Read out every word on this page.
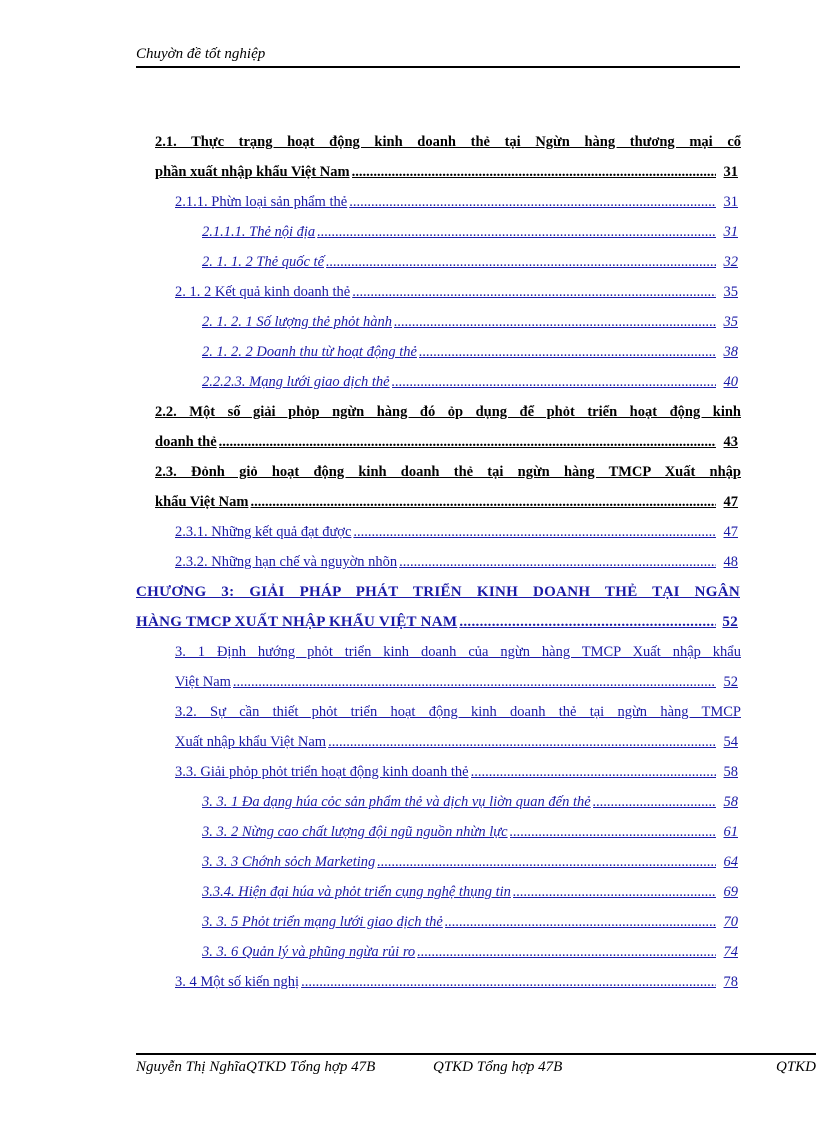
Chuyờn đề tốt nghiệp
2.1. Thực trạng hoạt động kinh doanh thẻ tại Ngừn hàng thương mại cổ
phần xuất nhập khẩu Việt Nam .....	31
2.1.1. Phừn loại sản phẩm thẻ .....	31
2.1.1.1. Thẻ nội địa .....	31
2. 1. 1. 2 Thẻ quốc tế .....	32
2. 1. 2 Kết quả kinh doanh thẻ .....	35
2. 1. 2. 1 Số lượng thẻ phỏt hành .....	35
2. 1. 2. 2 Doanh thu từ hoạt động thẻ .....	38
2.2.2.3. Mạng lưới giao dịch thẻ .....	40
2.2. Một số giải phỏp ngừn hàng đó ỏp dụng để phỏt triển hoạt động kinh
doanh thẻ .....	43
2.3. Đỏnh giỏ hoạt động kinh doanh thẻ tại ngừn hàng TMCP Xuất nhập
khẩu Việt Nam .....	47
2.3.1. Những kết quả đạt được .....	47
2.3.2. Những hạn chế và nguyờn nhõn .....	48
CHƯƠNG 3: GIẢI PHÁP PHÁT TRIỂN KINH DOANH THẺ TẠI NGÂN
HÀNG TMCP XUẤT NHẬP KHẨU VIỆT NAM .....	52
3. 1 Định hướng phỏt triển kinh doanh của ngừn hàng TMCP Xuất nhập khẩu
Việt Nam .....	52
3.2. Sự cần thiết phỏt triển hoạt động kinh doanh thẻ tại ngừn hàng TMCP
Xuất nhập khẩu Việt Nam .....	54
3.3. Giải phỏp phỏt triển hoạt động kinh doanh thẻ .....	58
3. 3. 1 Đa dạng húa cỏc sản phẩm thẻ và dịch vụ liờn quan đến thẻ .....	58
3. 3. 2 Nừng cao chất lượng đội ngũ nguồn nhừn lực .....	61
3. 3. 3 Chớnh sỏch Marketing .....	64
3.3.4. Hiện đại húa và phỏt triển cụng nghệ thụng tin .....	69
3. 3. 5 Phỏt triển mạng lưới giao dịch thẻ .....	70
3. 3. 6 Quản lý và phũng ngừa rủi ro .....	74
3. 4 Một số kiến nghị .....	78
Nguyễn Thị NghĩaQTKD Tổng hợp 47B	QTKD Tổng hợp 47B	QTKD
